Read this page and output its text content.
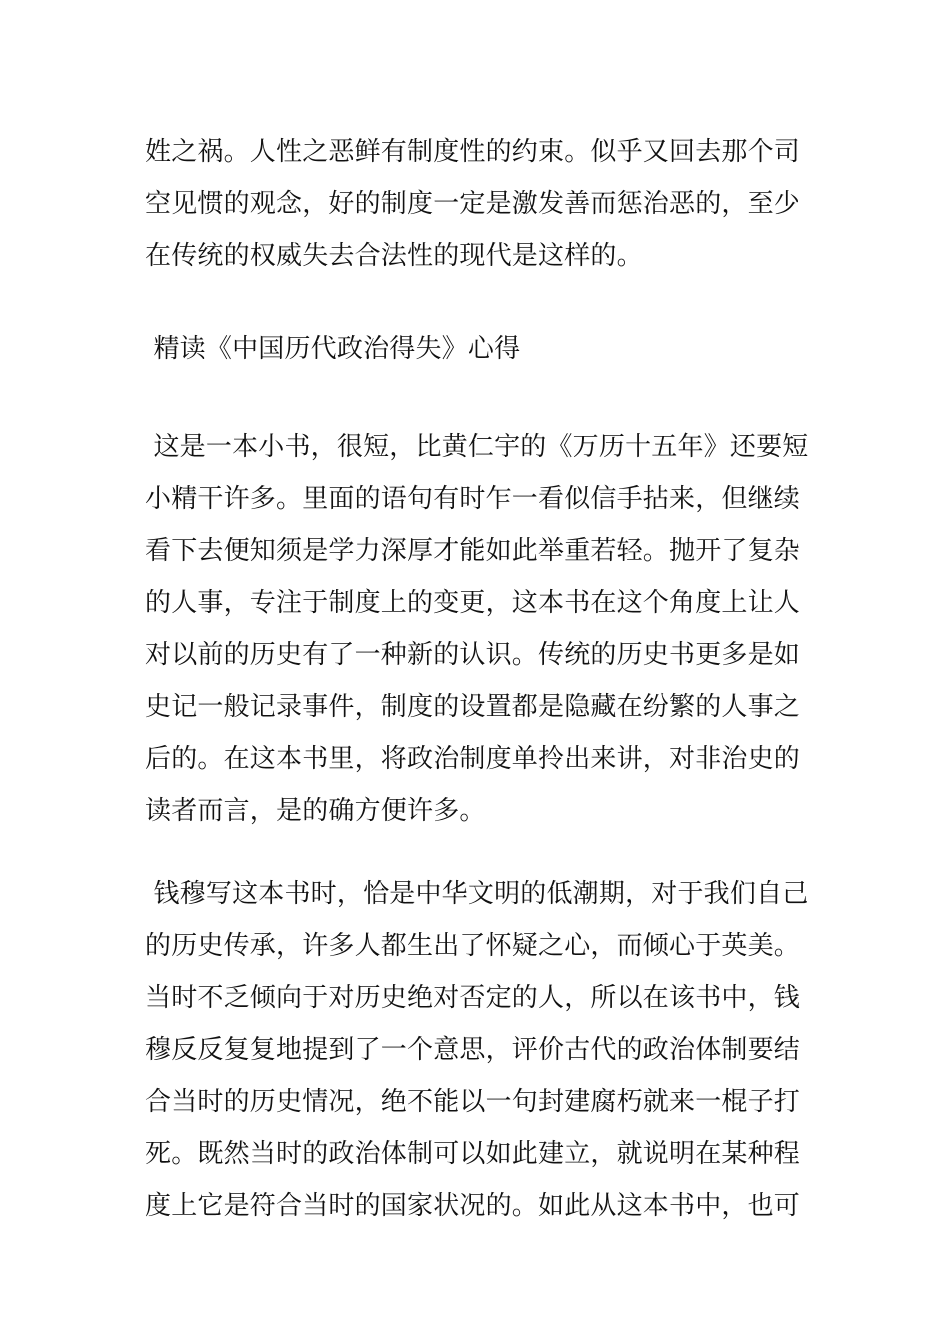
姓之祸。人性之恶鲜有制度性的约束。似乎又回去那个司
空见惯的观念，好的制度一定是激发善而惩治恶的，至少
在传统的权威失去合法性的现代是这样的。
精读《中国历代政治得失》心得
这是一本小书，很短，比黄仁宇的《万历十五年》还要短
小精干许多。里面的语句有时乍一看似信手拈来，但继续
看下去便知须是学力深厚才能如此举重若轻。抛开了复杂
的人事，专注于制度上的变更，这本书在这个角度上让人
对以前的历史有了一种新的认识。传统的历史书更多是如
史记一般记录事件，制度的设置都是隐藏在纷繁的人事之
后的。在这本书里，将政治制度单拎出来讲，对非治史的
读者而言，是的确方便许多。
钱穆写这本书时，恰是中华文明的低潮期，对于我们自己
的历史传承，许多人都生出了怀疑之心，而倾心于英美。
当时不乏倾向于对历史绝对否定的人，所以在该书中，钱
穆反反复复地提到了一个意思，评价古代的政治体制要结
合当时的历史情况，绝不能以一句封建腐朽就来一棍子打
死。既然当时的政治体制可以如此建立，就说明在某种程
度上它是符合当时的国家状况的。如此从这本书中，也可
